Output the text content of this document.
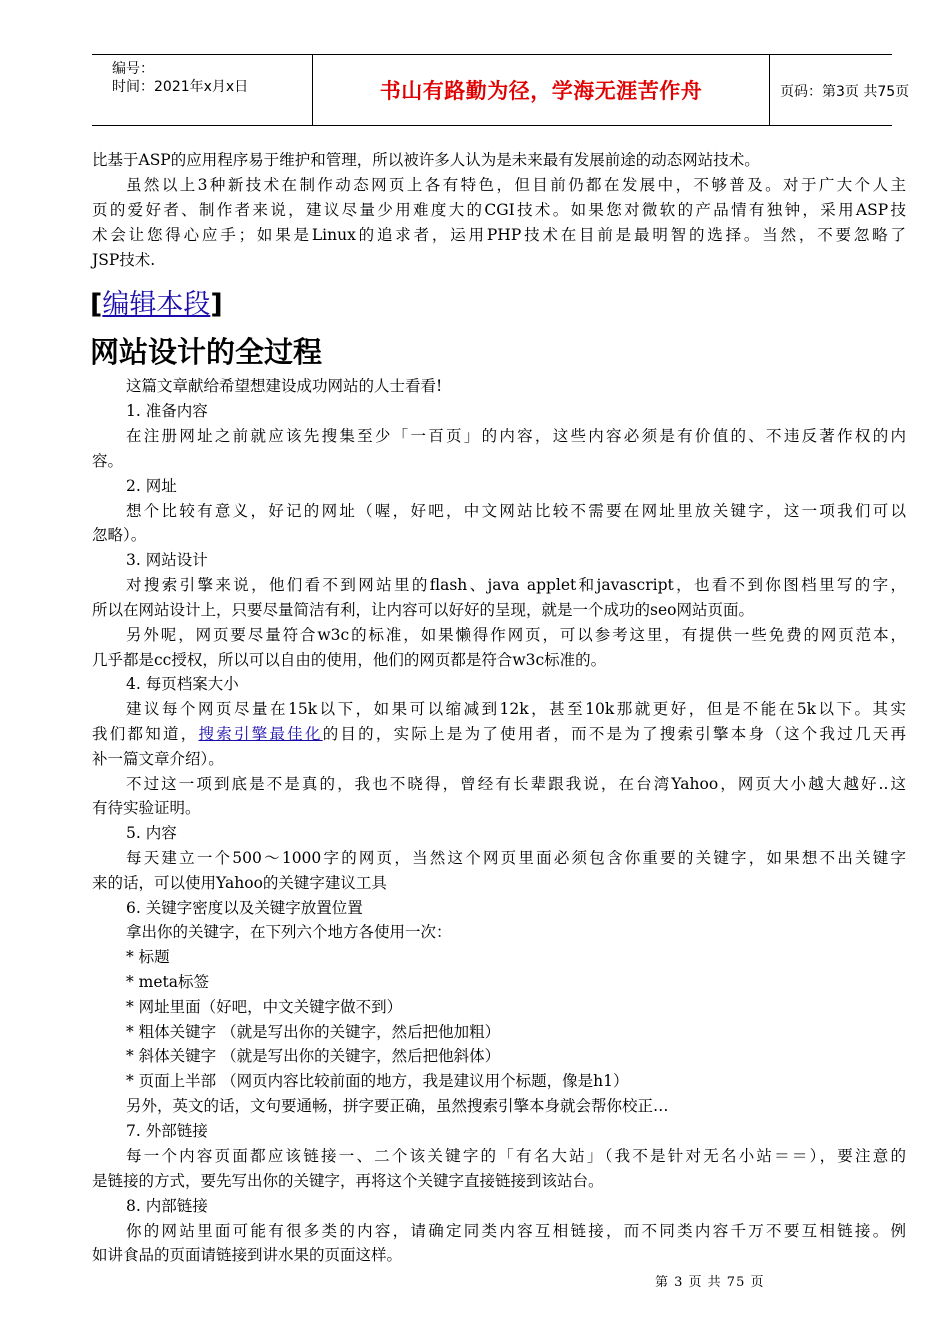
编号：
时间：2021年x月x日	书山有路勤为径，学海无涯苦作舟	页码：第3页 共75页
比基于ASP的应用程序易于维护和管理，所以被许多人认为是未来最有发展前途的动态网站技术。
虽然以上3种新技术在制作动态网页上各有特色，但目前仍都在发展中，不够普及。对于广大个人主
页的爱好者、制作者来说，建议尽量少用难度大的CGI技术。如果您对微软的产品情有独钟，采用ASP技
术会让您得心应手；如果是Linux的追求者，运用PHP技术在目前是最明智的选择。当然，不要忽略了
JSP技术.
[编辑本段]
网站设计的全过程
这篇文章献给希望想建设成功网站的人士看看!
1. 准备内容
在注册网址之前就应该先搜集至少「一百页」的内容，这些内容必须是有价值的、不违反著作权的内
容。
2. 网址
想个比较有意义，好记的网址（喔，好吧，中文网站比较不需要在网址里放关键字，这一项我们可以
忽略）。
3. 网站设计
对搜索引擎来说，他们看不到网站里的flash、java applet和javascript，也看不到你图档里写的字，
所以在网站设计上，只要尽量简洁有利，让内容可以好好的呈现，就是一个成功的seo网站页面。
另外呢，网页要尽量符合w3c的标准，如果懒得作网页，可以参考这里，有提供一些免费的网页范本，
几乎都是cc授权，所以可以自由的使用，他们的网页都是符合w3c标准的。
4. 每页档案大小
建议每个网页尽量在15k以下，如果可以缩减到12k，甚至10k那就更好，但是不能在5k以下。其实
我们都知道，搜索引擎最佳化的目的，实际上是为了使用者，而不是为了搜索引擎本身（这个我过几天再
补一篇文章介绍）。
不过这一项到底是不是真的，我也不晓得，曾经有长辈跟我说，在台湾Yahoo，网页大小越大越好..这
有待实验证明。
5. 内容
每天建立一个500～1000字的网页，当然这个网页里面必须包含你重要的关键字，如果想不出关键字
来的话，可以使用Yahoo的关键字建议工具
6. 关键字密度以及关键字放置位置
拿出你的关键字，在下列六个地方各使用一次：
* 标题
* meta标签
* 网址里面（好吧，中文关键字做不到）
* 粗体关键字 （就是写出你的关键字，然后把他加粗）
* 斜体关键字 （就是写出你的关键字，然后把他斜体）
* 页面上半部 （网页内容比较前面的地方，我是建议用个标题，像是h1）
另外，英文的话，文句要通畅，拼字要正确，虽然搜索引擎本身就会帮你校正…
7. 外部链接
每一个内容页面都应该链接一、二个该关键字的「有名大站」（我不是针对无名小站＝＝），要注意的
是链接的方式，要先写出你的关键字，再将这个关键字直接链接到该站台。
8. 内部链接
你的网站里面可能有很多类的内容，请确定同类内容互相链接，而不同类内容千万不要互相链接。例
如讲食品的页面请链接到讲水果的页面这样。
第 3 页 共 75 页
